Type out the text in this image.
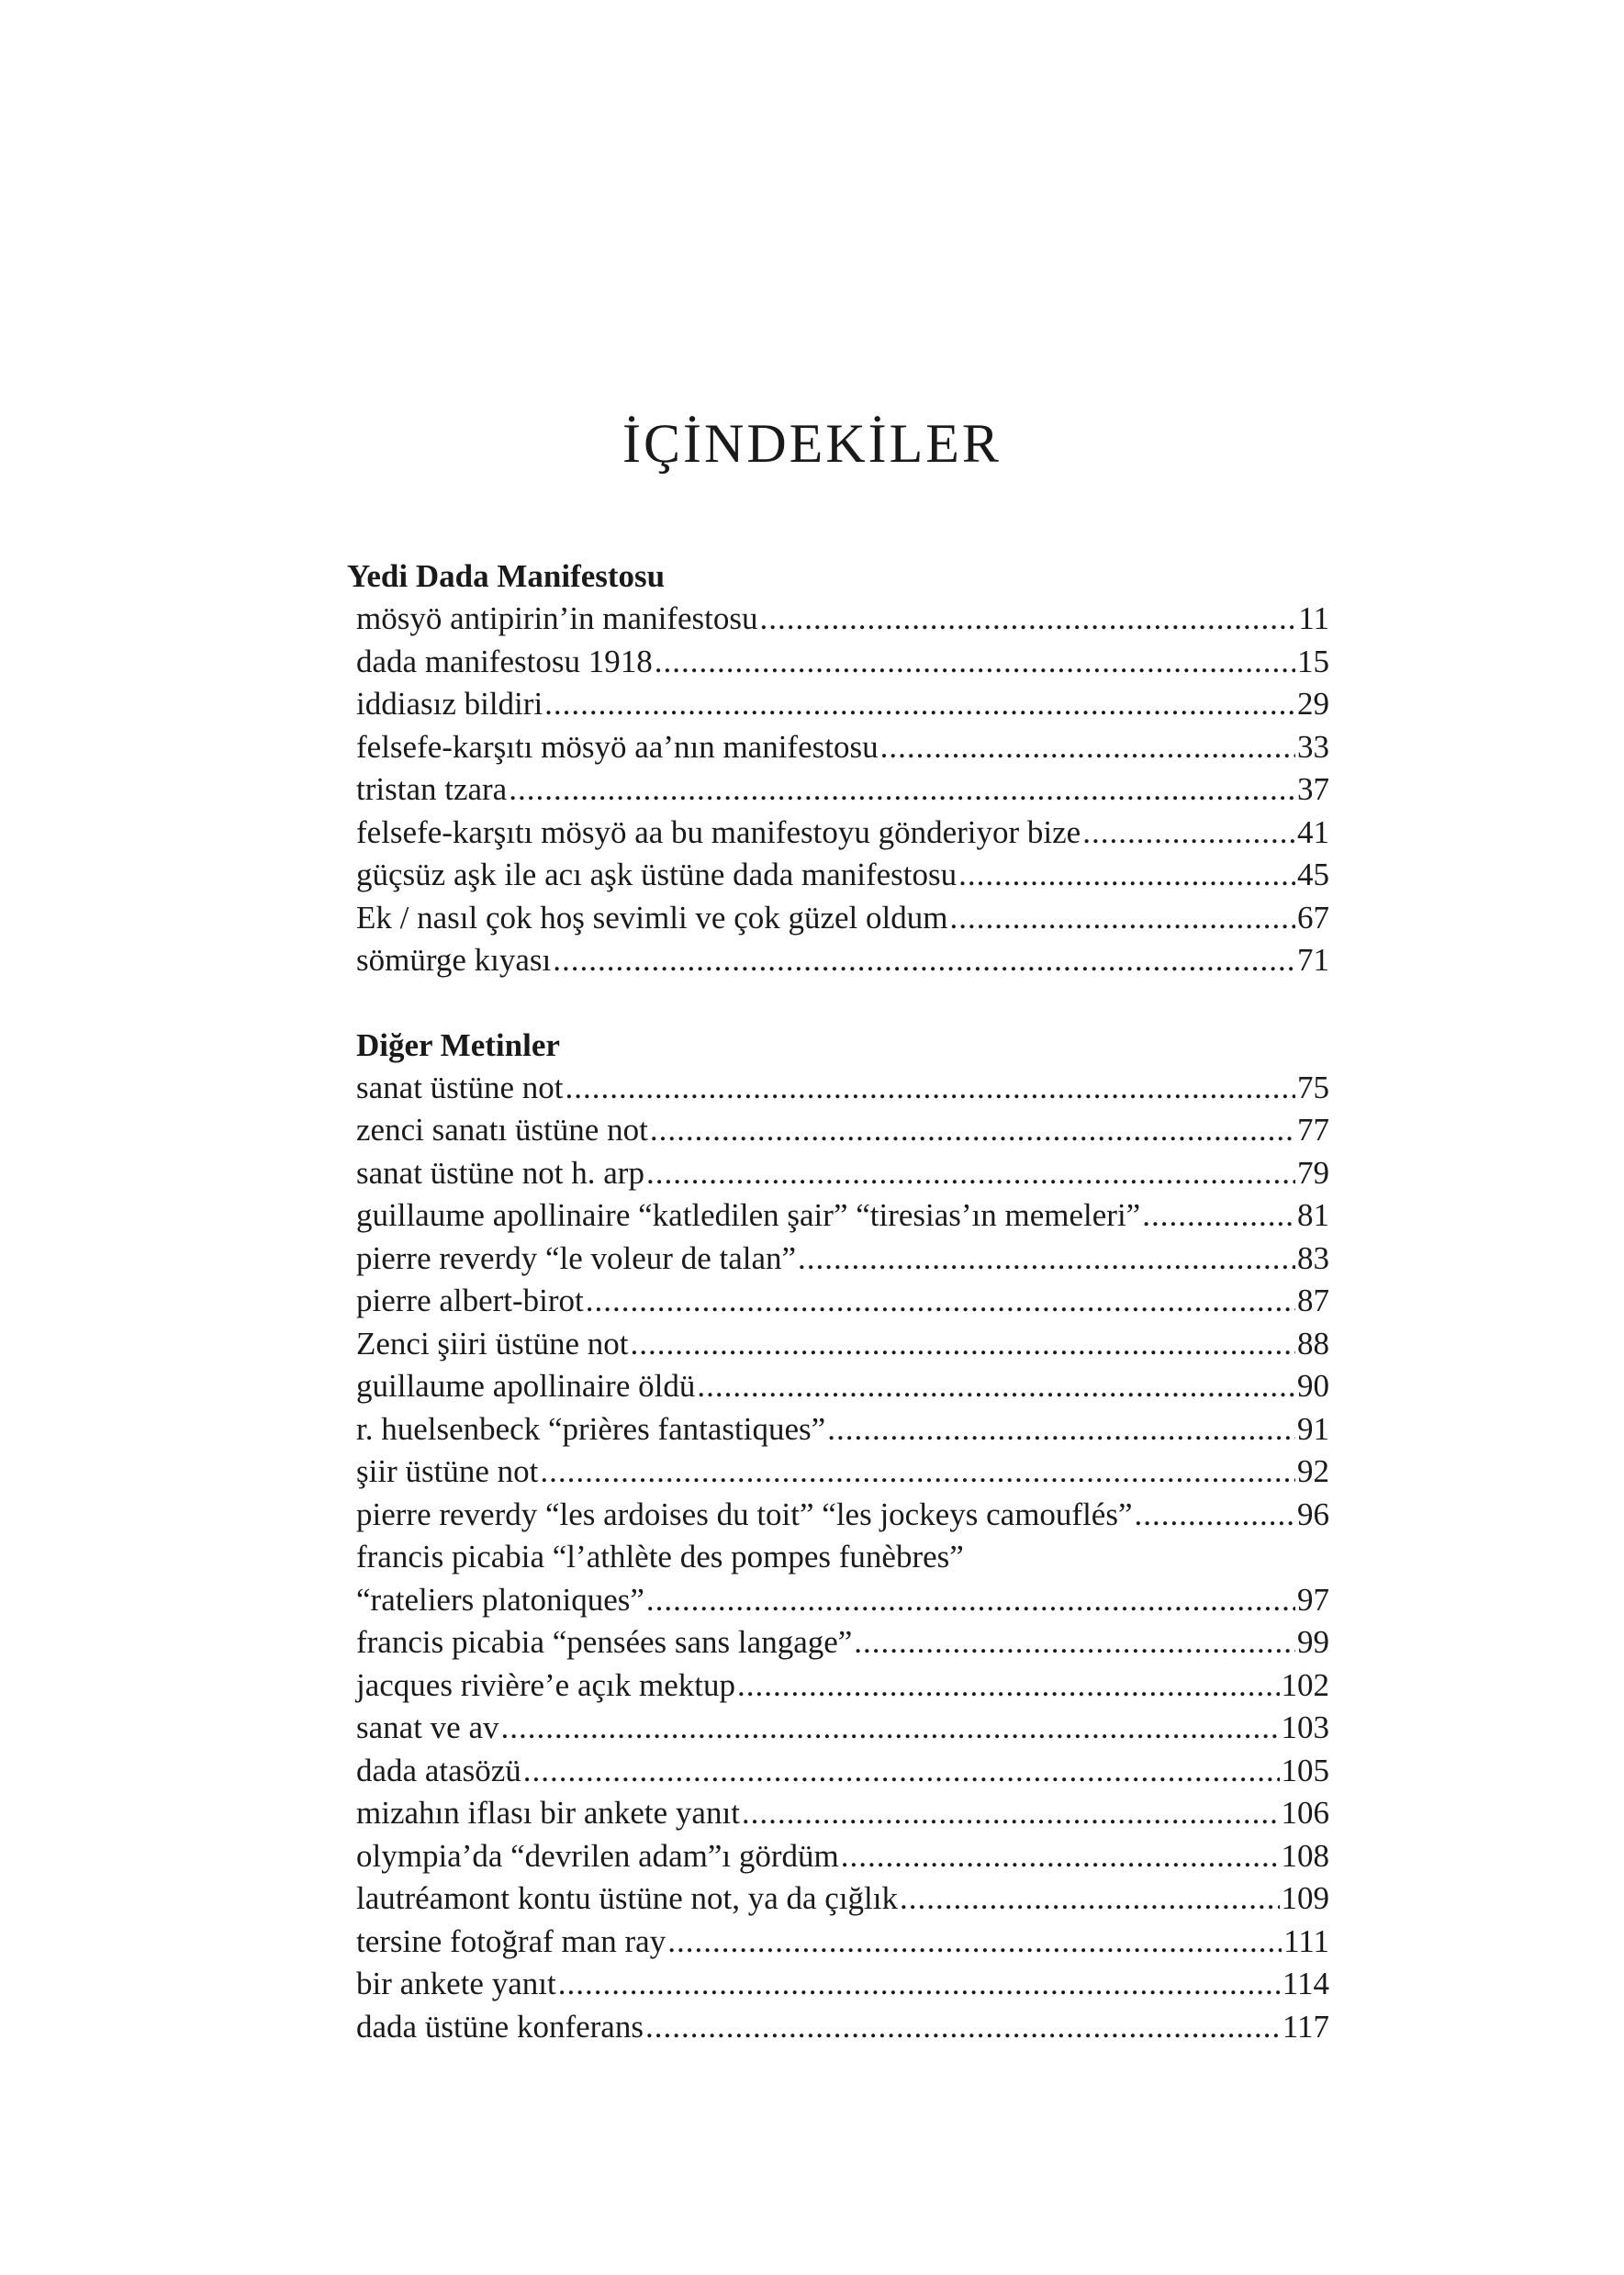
İÇİNDEKİLER
Yedi Dada Manifestosu
mösyö antipirin’in manifestosu .....	11
dada manifestosu 1918 .....	15
iddiasız bildiri .....	29
felsefe-karşıtı mösyö aa’nın manifestosu .....	33
tristan tzara .....	37
felsefe-karşıtı mösyö aa bu manifestoyu gönderiyor bize .....	41
güçsüz aşk ile acı aşk üstüne dada manifestosu .....	45
Ek / nasıl çok hoş sevimli ve çok güzel oldum .....	67
sömürge kıyası .....	71
Diğer Metinler
sanat üstüne not .....	75
zenci sanatı üstüne not .....	77
sanat üstüne not h. arp .....	79
guillaume apollinaire “katledilen şair” “tiresias’ın memeleri” .....	81
pierre reverdy “le voleur de talan” .....	83
pierre albert-birot .....	87
Zenci şiiri üstüne not .....	88
guillaume apollinaire öldü .....	90
r. huelsenbeck “prières fantastiques” .....	91
şiir üstüne not .....	92
pierre reverdy “les ardoises du toit” “les jockeys camouflés” .....	96
francis picabia “l’athlète des pompes funèbres”
“rateliers platoniques” .....	97
francis picabia “pensées sans langage” .....	99
jacques rivière’e açık mektup .....	102
sanat ve av .....	103
dada atasözü .....	105
mizahın iflası bir ankete yanıt .....	106
olympia’da “devrilen adam”ı gördüm .....	108
lautréamont kontu üstüne not, ya da çığlık .....	109
tersine fotoğraf man ray .....	111
bir ankete yanıt .....	114
dada üstüne konferans .....	117
